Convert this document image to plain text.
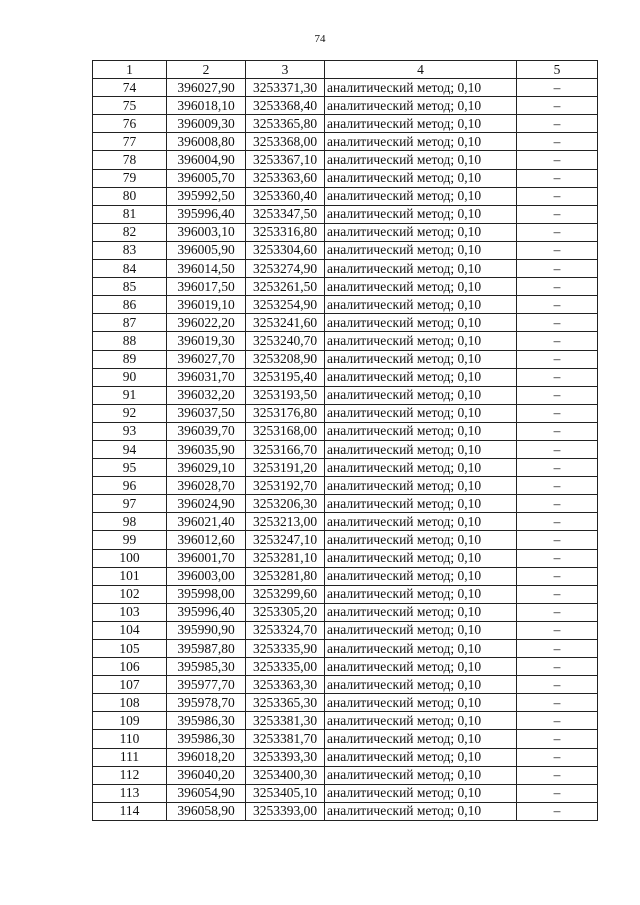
74
1	2	3	4	5
74	396027,90	3253371,30	аналитический метод; 0,10	–
75	396018,10	3253368,40	аналитический метод; 0,10	–
76	396009,30	3253365,80	аналитический метод; 0,10	–
77	396008,80	3253368,00	аналитический метод; 0,10	–
78	396004,90	3253367,10	аналитический метод; 0,10	–
79	396005,70	3253363,60	аналитический метод; 0,10	–
80	395992,50	3253360,40	аналитический метод; 0,10	–
81	395996,40	3253347,50	аналитический метод; 0,10	–
82	396003,10	3253316,80	аналитический метод; 0,10	–
83	396005,90	3253304,60	аналитический метод; 0,10	–
84	396014,50	3253274,90	аналитический метод; 0,10	–
85	396017,50	3253261,50	аналитический метод; 0,10	–
86	396019,10	3253254,90	аналитический метод; 0,10	–
87	396022,20	3253241,60	аналитический метод; 0,10	–
88	396019,30	3253240,70	аналитический метод; 0,10	–
89	396027,70	3253208,90	аналитический метод; 0,10	–
90	396031,70	3253195,40	аналитический метод; 0,10	–
91	396032,20	3253193,50	аналитический метод; 0,10	–
92	396037,50	3253176,80	аналитический метод; 0,10	–
93	396039,70	3253168,00	аналитический метод; 0,10	–
94	396035,90	3253166,70	аналитический метод; 0,10	–
95	396029,10	3253191,20	аналитический метод; 0,10	–
96	396028,70	3253192,70	аналитический метод; 0,10	–
97	396024,90	3253206,30	аналитический метод; 0,10	–
98	396021,40	3253213,00	аналитический метод; 0,10	–
99	396012,60	3253247,10	аналитический метод; 0,10	–
100	396001,70	3253281,10	аналитический метод; 0,10	–
101	396003,00	3253281,80	аналитический метод; 0,10	–
102	395998,00	3253299,60	аналитический метод; 0,10	–
103	395996,40	3253305,20	аналитический метод; 0,10	–
104	395990,90	3253324,70	аналитический метод; 0,10	–
105	395987,80	3253335,90	аналитический метод; 0,10	–
106	395985,30	3253335,00	аналитический метод; 0,10	–
107	395977,70	3253363,30	аналитический метод; 0,10	–
108	395978,70	3253365,30	аналитический метод; 0,10	–
109	395986,30	3253381,30	аналитический метод; 0,10	–
110	395986,30	3253381,70	аналитический метод; 0,10	–
111	396018,20	3253393,30	аналитический метод; 0,10	–
112	396040,20	3253400,30	аналитический метод; 0,10	–
113	396054,90	3253405,10	аналитический метод; 0,10	–
114	396058,90	3253393,00	аналитический метод; 0,10	–
